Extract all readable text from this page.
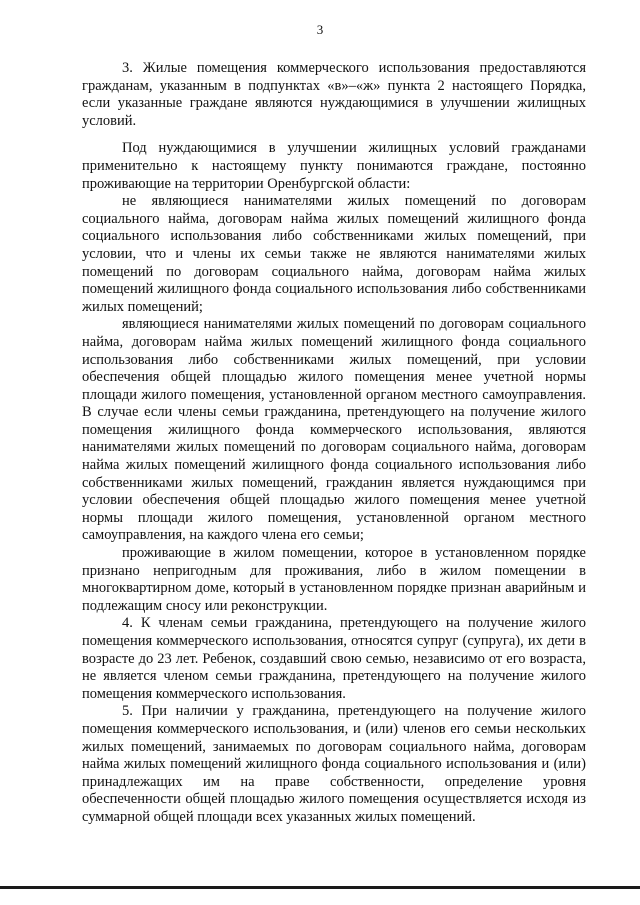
3

3. Жилые помещения коммерческого использования предоставляются гражданам, указанным в подпунктах «в»–«ж» пункта 2 настоящего Порядка, если указанные граждане являются нуждающимися в улучшении жилищных условий.

Под нуждающимися в улучшении жилищных условий гражданами применительно к настоящему пункту понимаются граждане, постоянно проживающие на территории Оренбургской области:

не являющиеся нанимателями жилых помещений по договорам социального найма, договорам найма жилых помещений жилищного фонда социального использования либо собственниками жилых помещений, при условии, что и члены их семьи также не являются нанимателями жилых помещений по договорам социального найма, договорам найма жилых помещений жилищного фонда социального использования либо собственниками жилых помещений;

являющиеся нанимателями жилых помещений по договорам социального найма, договорам найма жилых помещений жилищного фонда социального использования либо собственниками жилых помещений, при условии обеспечения общей площадью жилого помещения менее учетной нормы площади жилого помещения, установленной органом местного самоуправления. В случае если члены семьи гражданина, претендующего на получение жилого помещения жилищного фонда коммерческого использования, являются нанимателями жилых помещений по договорам социального найма, договорам найма жилых помещений жилищного фонда социального использования либо собственниками жилых помещений, гражданин является нуждающимся при условии обеспечения общей площадью жилого помещения менее учетной нормы площади жилого помещения, установленной органом местного самоуправления, на каждого члена его семьи;

проживающие в жилом помещении, которое в установленном порядке признано непригодным для проживания, либо в жилом помещении в многоквартирном доме, который в установленном порядке признан аварийным и подлежащим сносу или реконструкции.

4. К членам семьи гражданина, претендующего на получение жилого помещения коммерческого использования, относятся супруг (супруга), их дети в возрасте до 23 лет. Ребенок, создавший свою семью, независимо от его возраста, не является членом семьи гражданина, претендующего на получение жилого помещения коммерческого использования.

5. При наличии у гражданина, претендующего на получение жилого помещения коммерческого использования, и (или) членов его семьи нескольких жилых помещений, занимаемых по договорам социального найма, договорам найма жилых помещений жилищного фонда социального использования и (или) принадлежащих им на праве собственности, определение уровня обеспеченности общей площадью жилого помещения осуществляется исходя из суммарной общей площади всех указанных жилых помещений.
